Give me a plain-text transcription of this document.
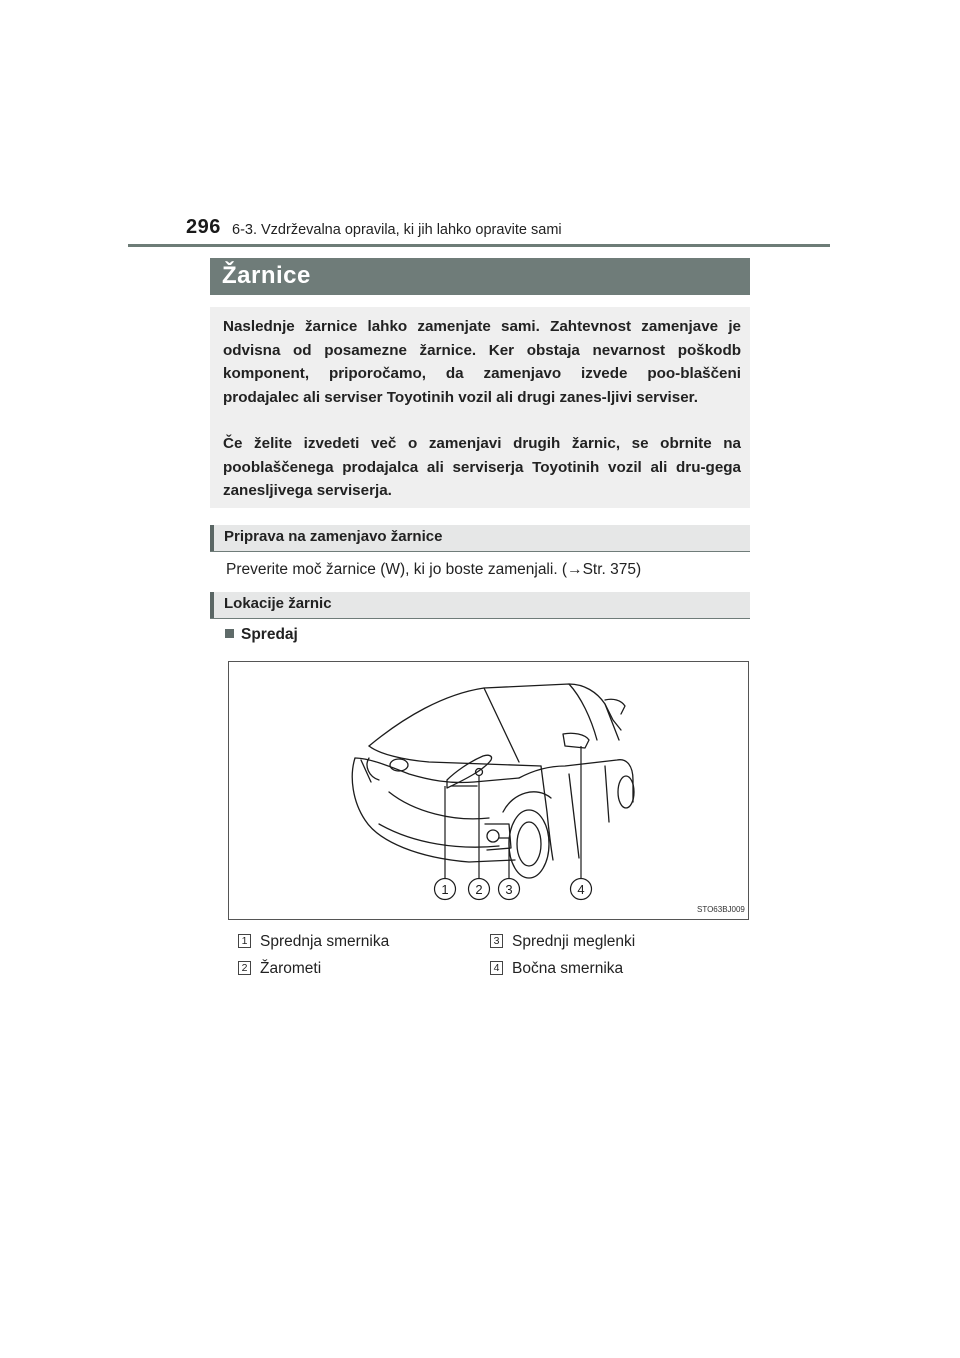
296 6-3. Vzdrževalna opravila, ki jih lahko opravite sami
Žarnice

Naslednje žarnice lahko zamenjate sami. Zahtevnost zamenjave je odvisna od posamezne žarnice. Ker obstaja nevarnost poškodb komponent, priporočamo, da zamenjavo izvede poo-blaščeni prodajalec ali serviser Toyotinih vozil ali drugi zanes-ljivi serviser.

Če želite izvedeti več o zamenjavi drugih žarnic, se obrnite na pooblaščenega prodajalca ali serviserja Toyotinih vozil ali dru-gega zanesljivega serviserja.

Priprava na zamenjavo žarnice
Preverite moč žarnice (W), ki jo boste zamenjali. (→Str. 375)
Lokacije žarnic
Spredaj
1 2 3	4
STO63BJ009
1 Sprednja smernika
2 Žarometi
3 Sprednji meglenki
4 Bočna smernika
